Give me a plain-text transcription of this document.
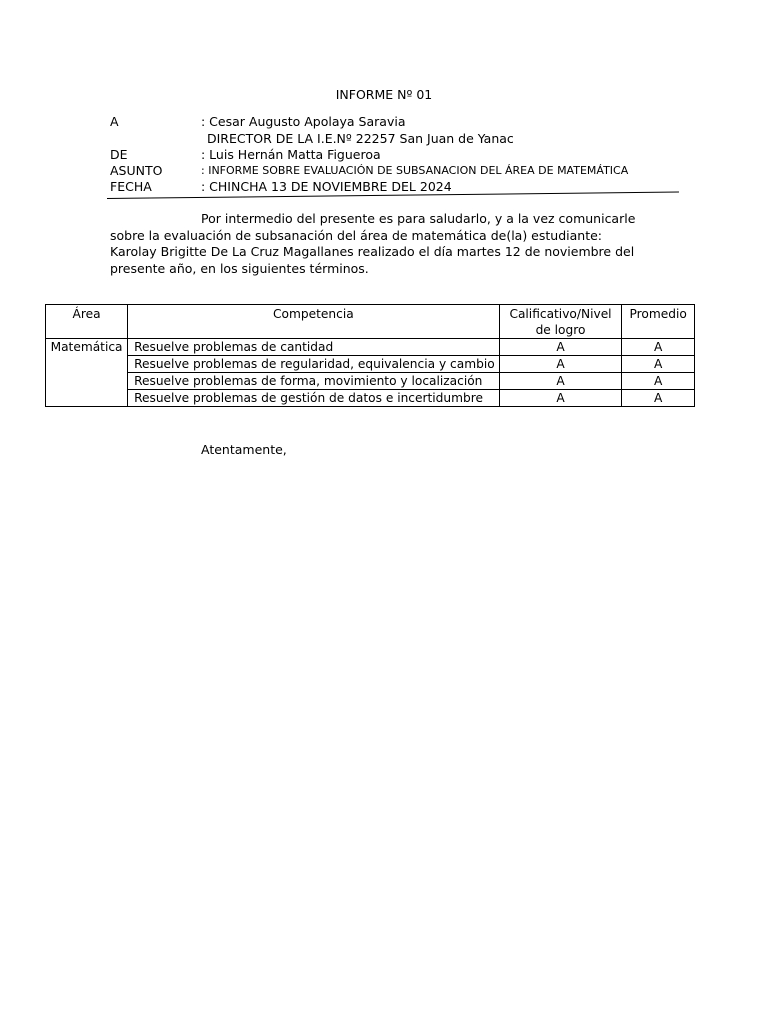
INFORME Nº 01
A	: Cesar Augusto Apolaya Saravia
DIRECTOR DE LA I.E.Nº 22257 San Juan de Yanac
DE	: Luis Hernán Matta Figueroa
ASUNTO	: INFORME SOBRE EVALUACIÓN DE SUBSANACION DEL ÁREA DE MATEMÁTICA
FECHA	: CHINCHA 13 DE NOVIEMBRE DEL 2024
Por intermedio del presente es para saludarlo, y a la vez comunicarle sobre la evaluación de subsanación del área de matemática de(la) estudiante: Karolay Brigitte De La Cruz Magallanes realizado el día martes 12 de noviembre del presente año, en los siguientes términos.
Área	Competencia	Calificativo/Nivel de logro	Promedio
Matemática	Resuelve problemas de cantidad	A	A
	Resuelve problemas de regularidad, equivalencia y cambio	A	A
	Resuelve problemas de forma, movimiento y localización	A	A
	Resuelve problemas de gestión de datos e incertidumbre	A	A
Atentamente,
